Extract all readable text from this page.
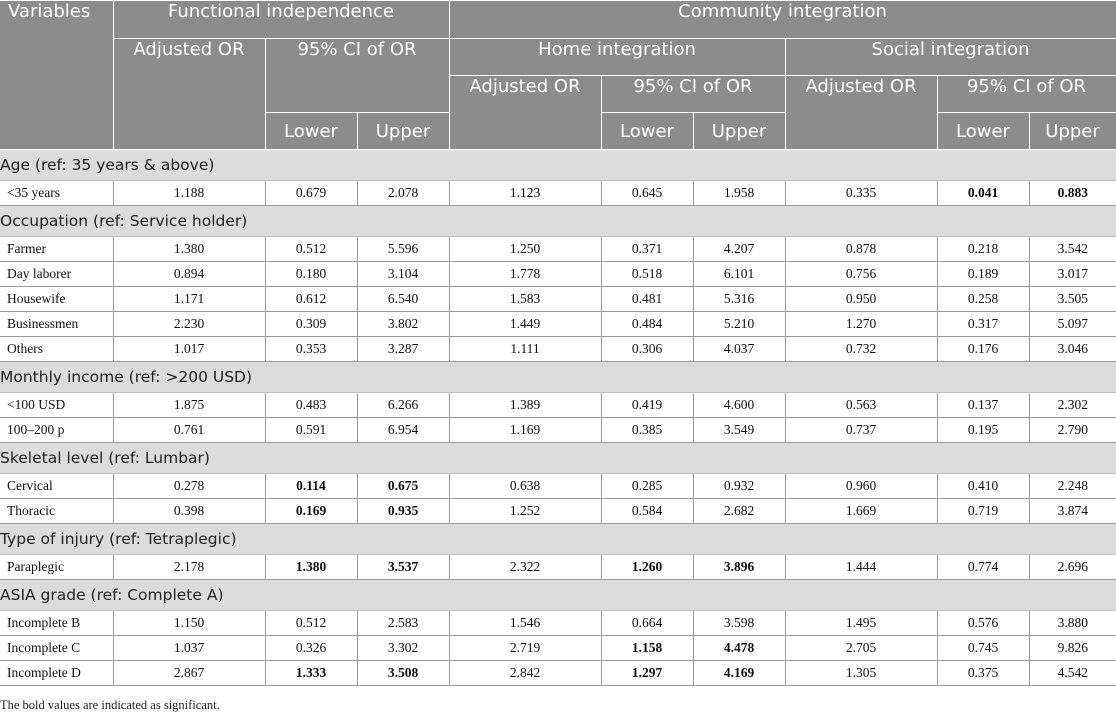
Variables	Functional independence			Community integration					
	Adjusted OR	95% CI of OR		Home integration			Social integration		
				Adjusted OR	95% CI of OR		Adjusted OR	95% CI of OR	
		Lower	Upper		Lower	Upper		Lower	Upper
Age (ref: 35 years & above)									
<35 years	1.188	0.679	2.078	1.123	0.645	1.958	0.335	0.041	0.883
Occupation (ref: Service holder)									
Farmer	1.380	0.512	5.596	1.250	0.371	4.207	0.878	0.218	3.542
Day laborer	0.894	0.180	3.104	1.778	0.518	6.101	0.756	0.189	3.017
Housewife	1.171	0.612	6.540	1.583	0.481	5.316	0.950	0.258	3.505
Businessmen	2.230	0.309	3.802	1.449	0.484	5.210	1.270	0.317	5.097
Others	1.017	0.353	3.287	1.111	0.306	4.037	0.732	0.176	3.046
Monthly income (ref: >200 USD)									
<100 USD	1.875	0.483	6.266	1.389	0.419	4.600	0.563	0.137	2.302
100–200 p	0.761	0.591	6.954	1.169	0.385	3.549	0.737	0.195	2.790
Skeletal level (ref: Lumbar)									
Cervical	0.278	0.114	0.675	0.638	0.285	0.932	0.960	0.410	2.248
Thoracic	0.398	0.169	0.935	1.252	0.584	2.682	1.669	0.719	3.874
Type of injury (ref: Tetraplegic)									
Paraplegic	2.178	1.380	3.537	2.322	1.260	3.896	1.444	0.774	2.696
ASIA grade (ref: Complete A)									
Incomplete B	1.150	0.512	2.583	1.546	0.664	3.598	1.495	0.576	3.880
Incomplete C	1.037	0.326	3.302	2.719	1.158	4.478	2.705	0.745	9.826
Incomplete D	2.867	1.333	3.508	2.842	1.297	4.169	1.305	0.375	4.542
The bold values are indicated as significant.
